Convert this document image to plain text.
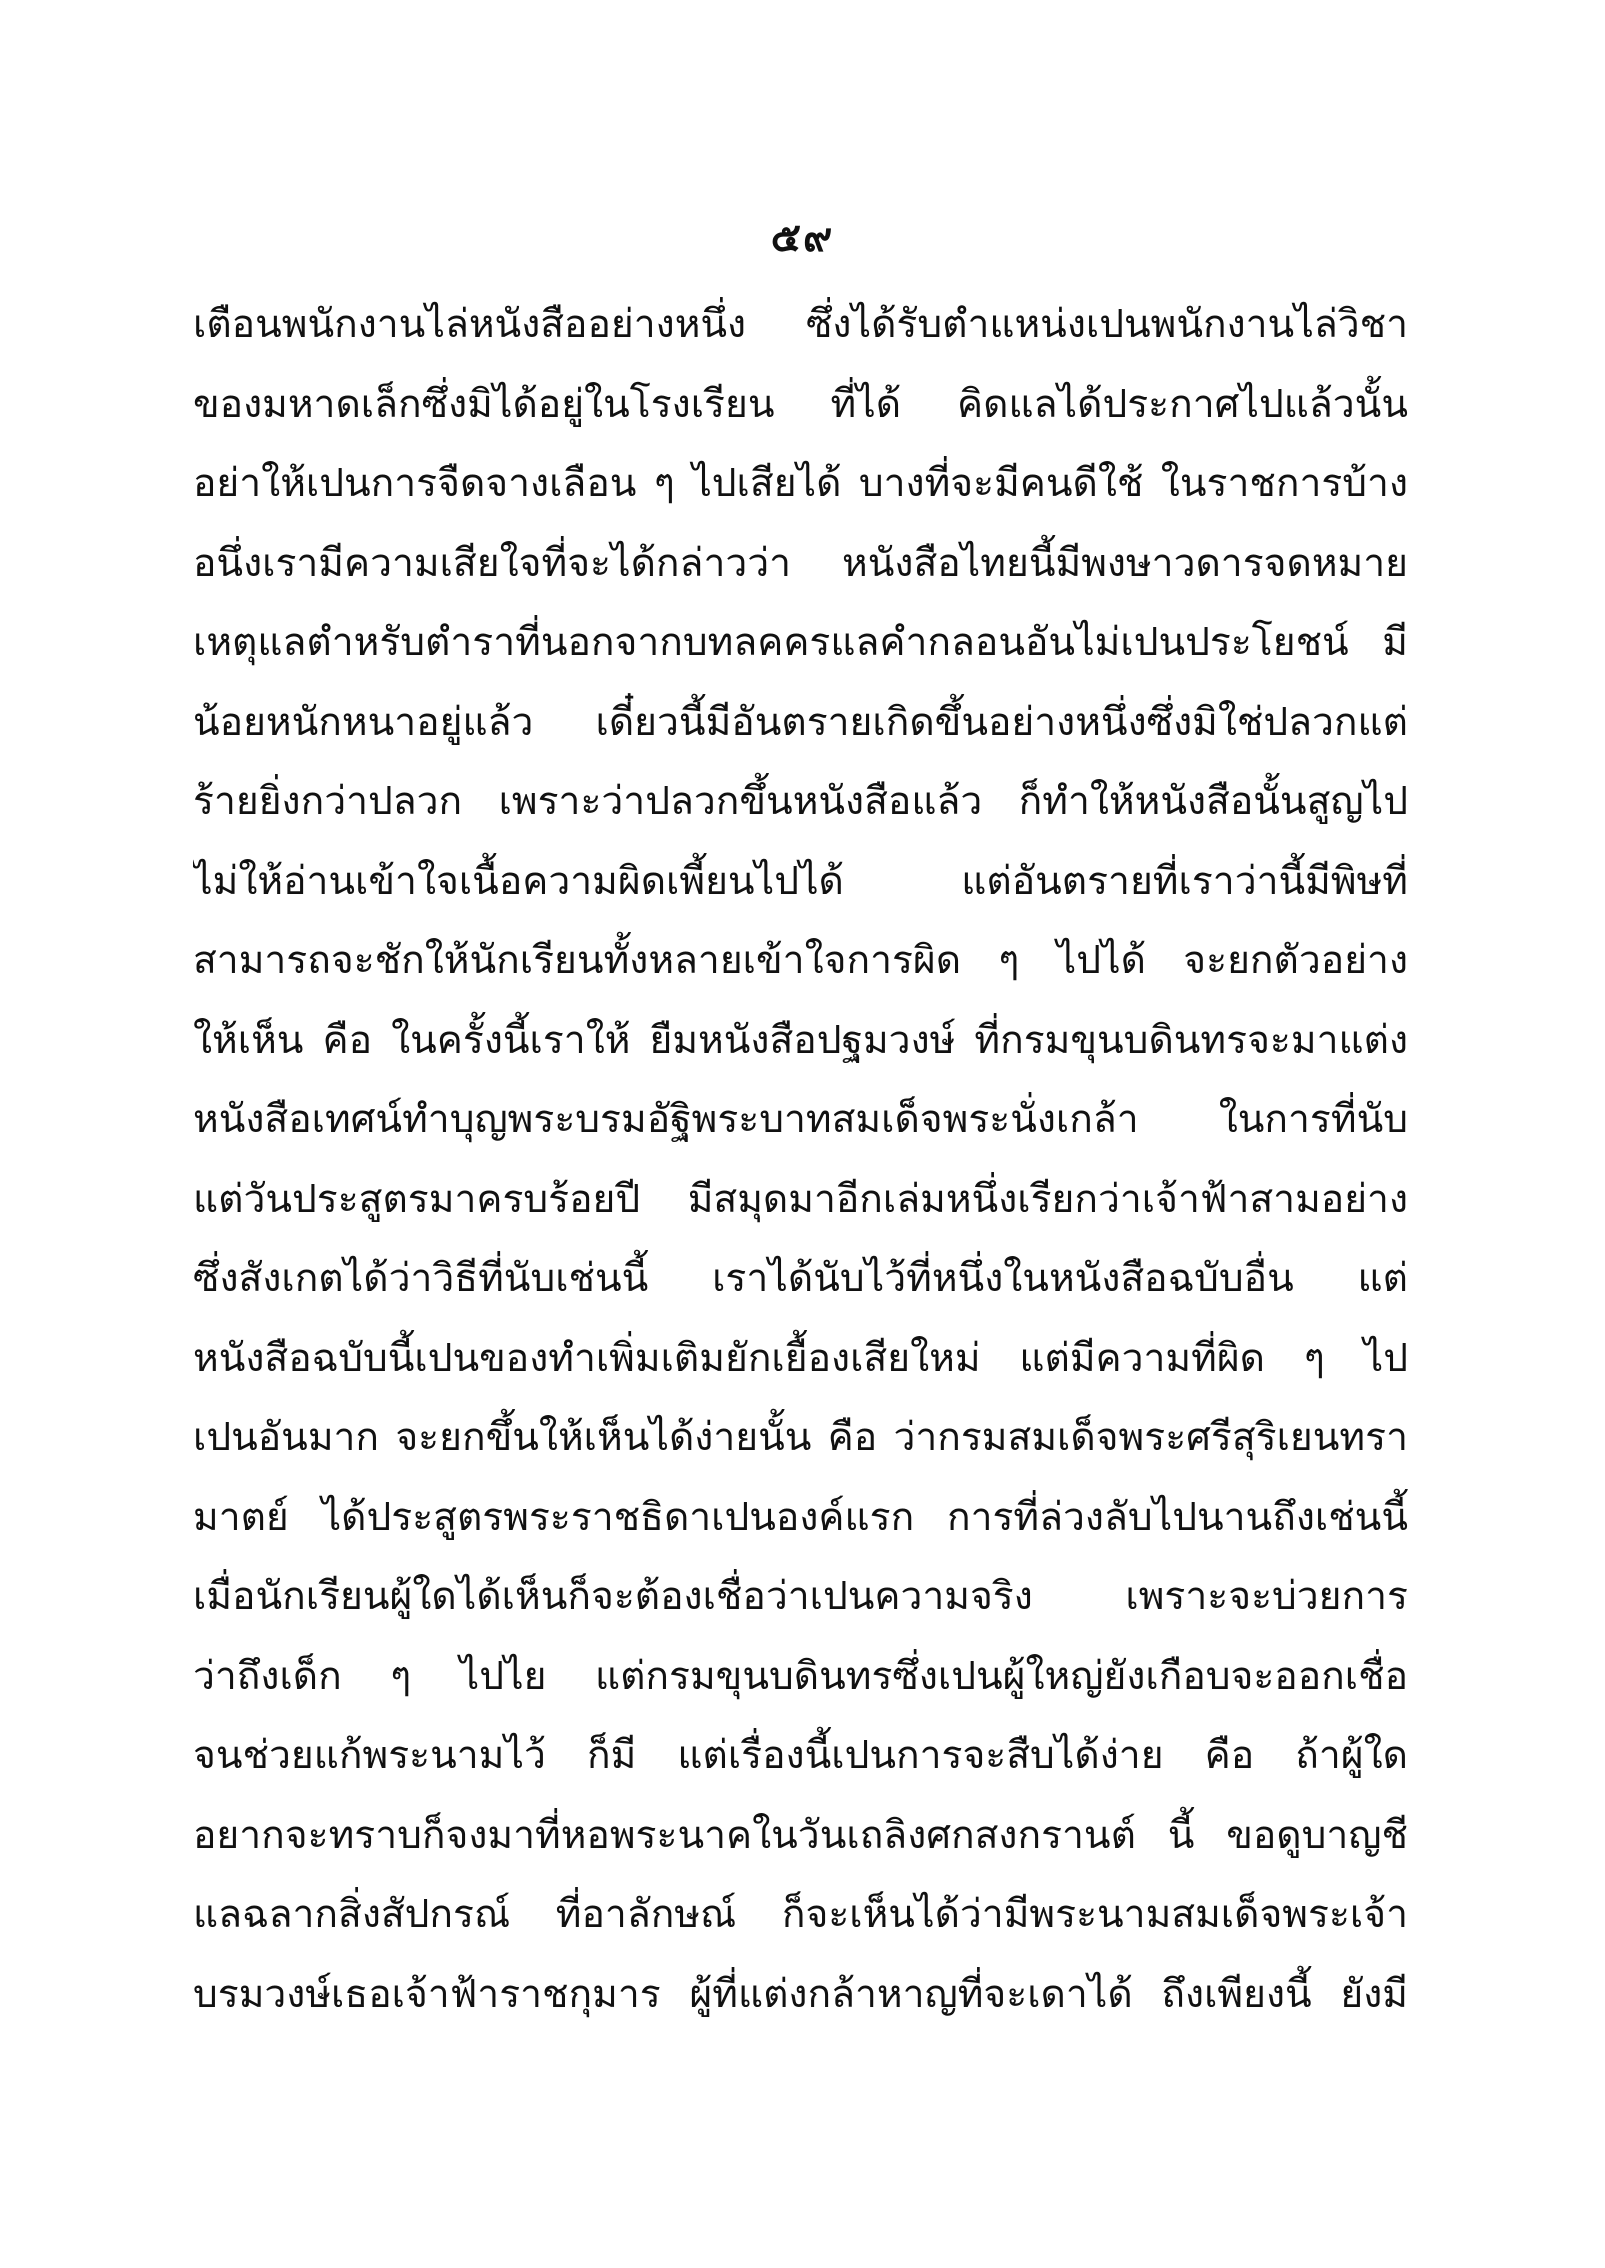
๕๙
เตือนพนักงานไล่หนังสืออย่างหนึ่ง ซึ่งได้รับตำแหน่งเปนพนักงานไล่วิชา
ของมหาดเล็กซึ่งมิได้อยู่ในโรงเรียน ที่ได้ คิดแลได้ประกาศไปแล้วนั้น
อย่าให้เปนการจืดจางเลือน ๆ ไปเสียได้ บางที่จะมีคนดีใช้ ในราชการบ้าง
อนึ่งเรามีความเสียใจที่จะได้กล่าวว่า หนังสือไทยนี้มีพงษาวดารจดหมาย
เหตุแลตำหรับตำราที่นอกจากบทลคครแลคำกลอนอันไม่เปนประโยชน์ มี
น้อยหนักหนาอยู่แล้ว เดี๋ยวนี้มีอันตรายเกิดขึ้นอย่างหนึ่งซึ่งมิใช่ปลวกแต่
ร้ายยิ่งกว่าปลวก เพราะว่าปลวกขึ้นหนังสือแล้ว ก็ทำให้หนังสือนั้นสูญไป
ไม่ให้อ่านเข้าใจเนื้อความผิดเพี้ยนไปได้ แต่อันตรายที่เราว่านี้มีพิษที่
สามารถจะชักให้นักเรียนทั้งหลายเข้าใจการผิด ๆ ไปได้ จะยกตัวอย่าง
ให้เห็น คือ ในครั้งนี้เราให้ ยืมหนังสือปฐมวงษ์ ที่กรมขุนบดินทรจะมาแต่ง
หนังสือเทศน์ทำบุญพระบรมอัฐิพระบาทสมเด็จพระนั่งเกล้า ในการที่นับ
แต่วันประสูตรมาครบร้อยปี มีสมุดมาอีกเล่มหนึ่งเรียกว่าเจ้าฟ้าสามอย่าง
ซึ่งสังเกตได้ว่าวิธีที่นับเช่นนี้ เราได้นับไว้ที่หนึ่งในหนังสือฉบับอื่น แต่
หนังสือฉบับนี้เปนของทำเพิ่มเติมยักเยื้องเสียใหม่ แต่มีความที่ผิด ๆ ไป
เปนอันมาก จะยกขึ้นให้เห็นได้ง่ายนั้น คือ ว่ากรมสมเด็จพระศรีสุริเยนทรา
มาตย์ ได้ประสูตรพระราชธิดาเปนองค์แรก การที่ล่วงลับไปนานถึงเช่นนี้
เมื่อนักเรียนผู้ใดได้เห็นก็จะต้องเชื่อว่าเปนความจริง เพราะจะบ่วยการ
ว่าถึงเด็ก ๆ ไปไย แต่กรมขุนบดินทรซึ่งเปนผู้ใหญ่ยังเกือบจะออกเชื่อ
จนช่วยแก้พระนามไว้ ก็มี แต่เรื่องนี้เปนการจะสืบได้ง่าย คือ ถ้าผู้ใด
อยากจะทราบก็จงมาที่หอพระนาคในวันเถลิงศกสงกรานต์ นี้ ขอดูบาญชี
แลฉลากสิ่งสัปกรณ์ ที่อาลักษณ์ ก็จะเห็นได้ว่ามีพระนามสมเด็จพระเจ้า
บรมวงษ์เธอเจ้าฟ้าราชกุมาร ผู้ที่แต่งกล้าหาญที่จะเดาได้ ถึงเพียงนี้ ยังมี
